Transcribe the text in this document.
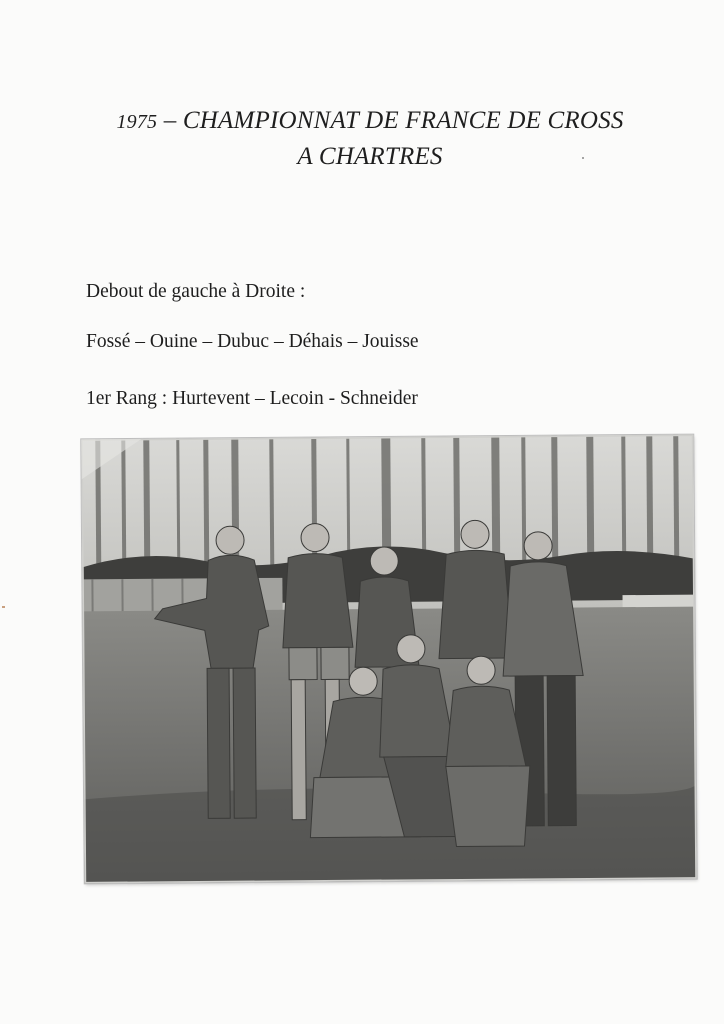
1975 – CHAMPIONNAT DE FRANCE DE CROSS
A CHARTRES
Debout de gauche à Droite :
Fossé – Ouine – Dubuc – Déhais – Jouisse
1er Rang : Hurtevent – Lecoin - Schneider
